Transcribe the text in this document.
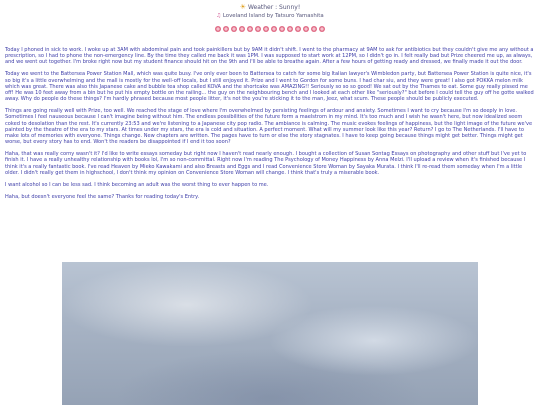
☀ Weather : Sunny!
♫ Loveland Island by Tatsuro Yamashita

Today I phoned in sick to work. I woke up at 3AM with abdominal pain and took painkillers but by 9AM it didn't shift. I went to the pharmacy at 9AM to ask for antibiotics but they couldn't give me any without a prescription, so I had to phone the non-emergency line. By the time they called me back it was 1PM. I was supposed to start work at 12PM, so I didn't go in. I felt really bad but Prize cheered me up, as always, and we went out together. I'm broke right now but my student finance should hit on the 9th and I'll be able to breathe again. After a few hours of getting ready and dressed, we finally made it out the door.

Today we went to the Battersea Power Station Mall, which was quite busy. I've only ever been to Battersea to catch for some big Italian lawyer's Wimbledon party, but Battersea Power Station is quite nice, it's so big it's a little overwhelming and the mall is mostly for the well-off locals, but I still enjoyed it. Prize and I went to Gordon for some buns. I had char siu, and they were great! I also got POKKA melon milk which was great. There was also this Japanese cake and bubble tea shop called KOVA and the shortcake was AMAZING!! Seriously so so so good! We sat out by the Thames to eat. Some guy really pissed me off! He was 10 feet away from a bin but he put his empty bottle on the railing... the guy on the neighbouring bench and I looked at each other like "seriously?" but before I could tell the guy off he gotte walked away. Why do people do these things? I'm hardly phrased because most people litter, it's not the you're sticking it to the man, Jeez, what scum. These people should be publicly executed.

Things are going really well with Prize, too well. We reached the stage of love where I'm overwhelmed by persisting feelings of ardour and anxiety. Sometimes I want to cry because I'm so deeply in love. Sometimes I feel nauseous because I can't imagine being without him. The endless possibilities of the future form a maelstrom in my mind. It's too much and I wish he wasn't here, but now idealized seem coked to desolation than the rest. It's currently 23:53 and we're listening to a Japanese city pop radio. The ambiance is calming. The music evokes feelings of happiness, but the light image of the future we've painted by the theatre of the era to my stars. At times under my stars, the era is cold and situation. A perfect moment. What will my summer look like this year? Return? I go to The Netherlands. I'll have to make lots of memories with everyone. Things change. New chapters are written. The pages have to turn or else the story stagnates. I have to keep going because things might get better. Things might get worse, but every story has to end. Won't the readers be disappointed if I end it too soon?

Haha, that was really corny wasn't it? I'd like to write essays someday but right now I haven't read nearly enough. I bought a collection of Susan Sontag Essays on photography and other stuff but I've yet to finish it. I have a really unhealthy relationship with books lol, I'm so non-committal. Right now I'm reading The Psychology of Money Happiness by Anna Melzi. I'll upload a review when it's finished because I think it's a really fantastic book. I've read Heaven by Mieko Kawakami and also Breasts and Eggs and I read Convenience Store Woman by Sayaka Murata. I think I'll re-read them someday when I'm a little older. I didn't really get them in highschool, I don't think my opinion on Convenience Store Woman will change. I think that's truly a miserable book.

I want alcohol so I can be less sad. I think becoming an adult was the worst thing to ever happen to me.

Haha, but doesn't everyone feel the same? Thanks for reading today's Entry.
